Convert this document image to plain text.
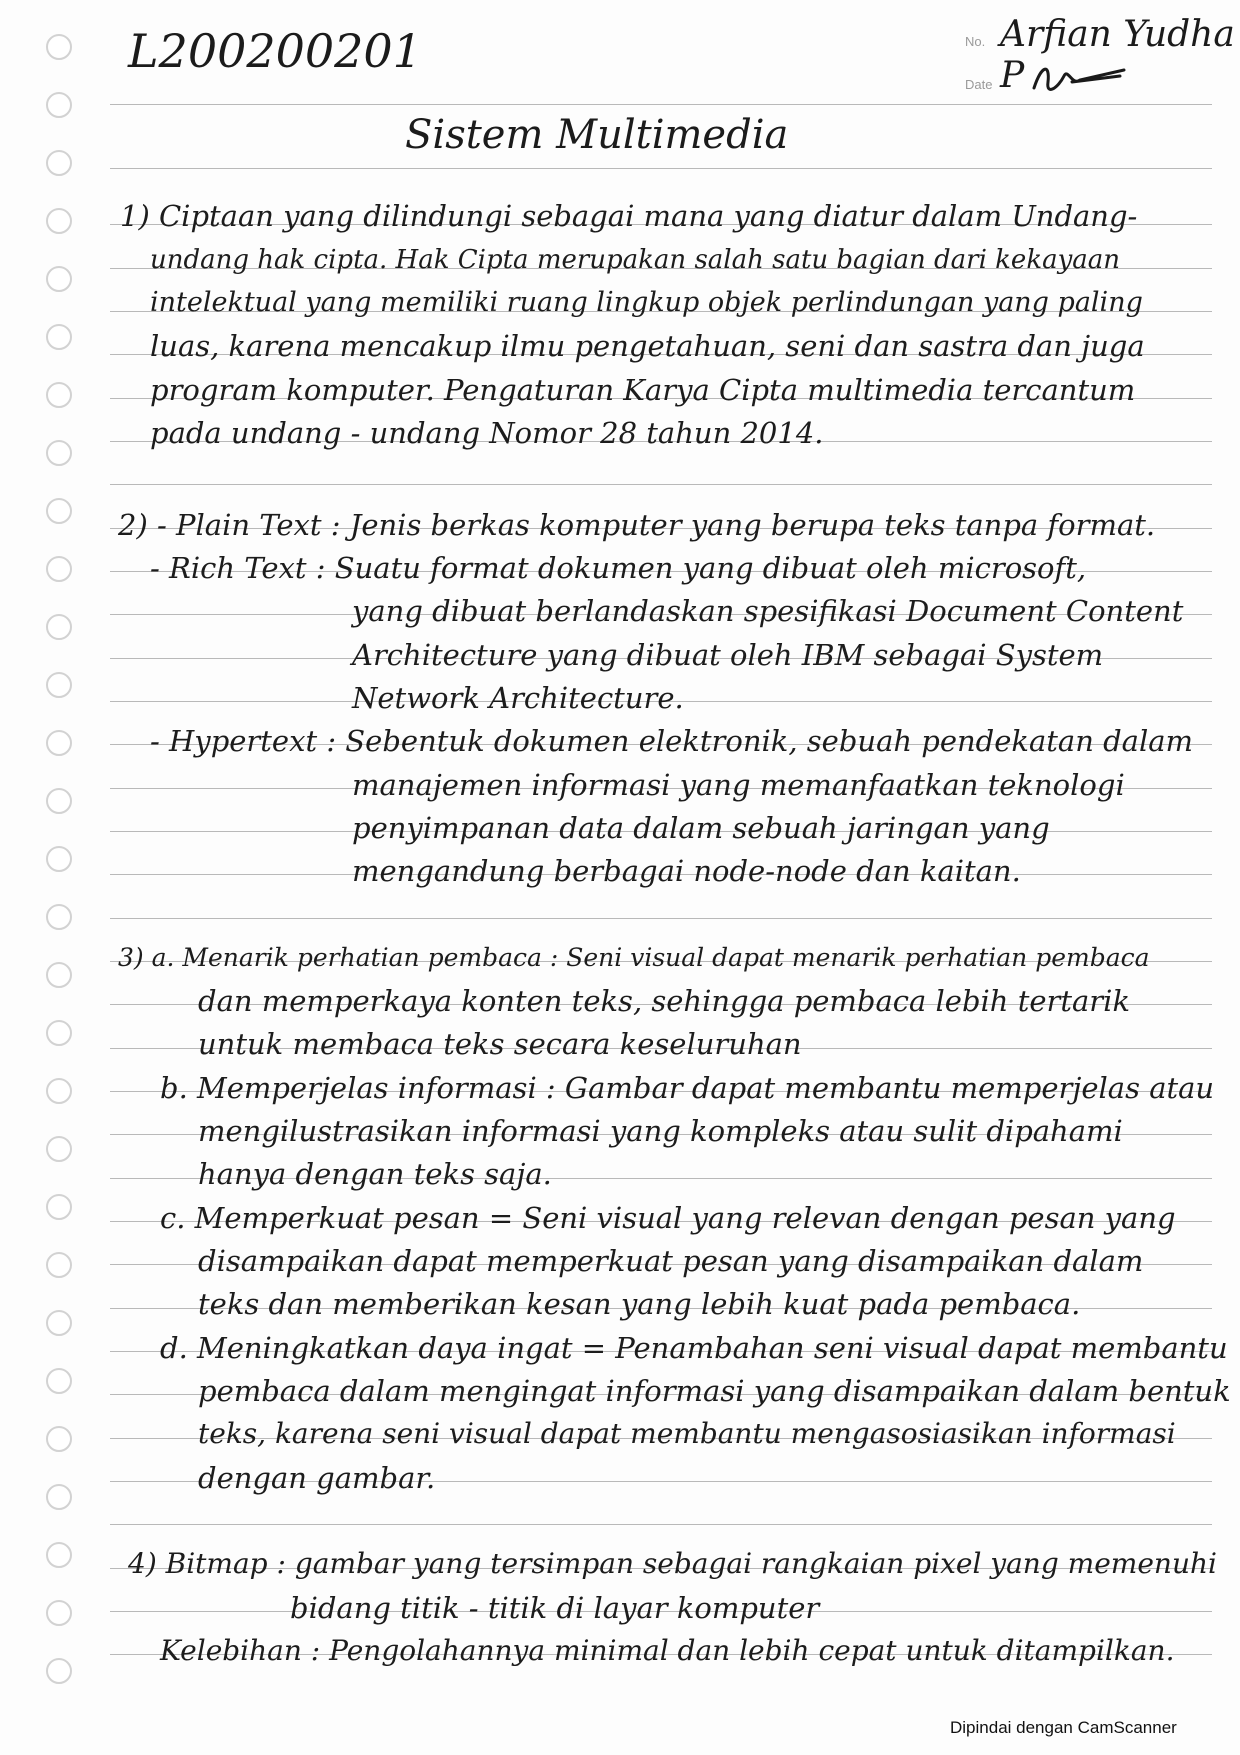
L200200201	No. Arfian Yudha P
Date
Sistem Multimedia
1) Ciptaan yang dilindungi sebagai mana yang diatur dalam Undang-
undang hak cipta. Hak Cipta merupakan salah satu bagian dari kekayaan
intelektual yang memiliki ruang lingkup objek perlindungan yang paling
luas, karena mencakup ilmu pengetahuan, seni dan sastra dan juga
program komputer. Pengaturan Karya Cipta multimedia tercantum
pada undang - undang Nomor 28 tahun 2014.
2) - Plain Text : Jenis berkas komputer yang berupa teks tanpa format.
- Rich Text : Suatu format dokumen yang dibuat oleh microsoft,
yang dibuat berlandaskan spesifikasi Document Content
Architecture yang dibuat oleh IBM sebagai System
Network Architecture.
- Hypertext : Sebentuk dokumen elektronik, sebuah pendekatan dalam
manajemen informasi yang memanfaatkan teknologi
penyimpanan data dalam sebuah jaringan yang
mengandung berbagai node-node dan kaitan.
3) a. Menarik perhatian pembaca : Seni visual dapat menarik perhatian pembaca
dan memperkaya konten teks, sehingga pembaca lebih tertarik
untuk membaca teks secara keseluruhan
b. Memperjelas informasi : Gambar dapat membantu memperjelas atau
mengilustrasikan informasi yang kompleks atau sulit dipahami
hanya dengan teks saja.
c. Memperkuat pesan = Seni visual yang relevan dengan pesan yang
disampaikan dapat memperkuat pesan yang disampaikan dalam
teks dan memberikan kesan yang lebih kuat pada pembaca.
d. Meningkatkan daya ingat = Penambahan seni visual dapat membantu
pembaca dalam mengingat informasi yang disampaikan dalam bentuk
teks, karena seni visual dapat membantu mengasosiasikan informasi
dengan gambar.
4) Bitmap : gambar yang tersimpan sebagai rangkaian pixel yang memenuhi
bidang titik - titik di layar komputer
Kelebihan : Pengolahannya minimal dan lebih cepat untuk ditampilkan.
Dipindai dengan CamScanner
